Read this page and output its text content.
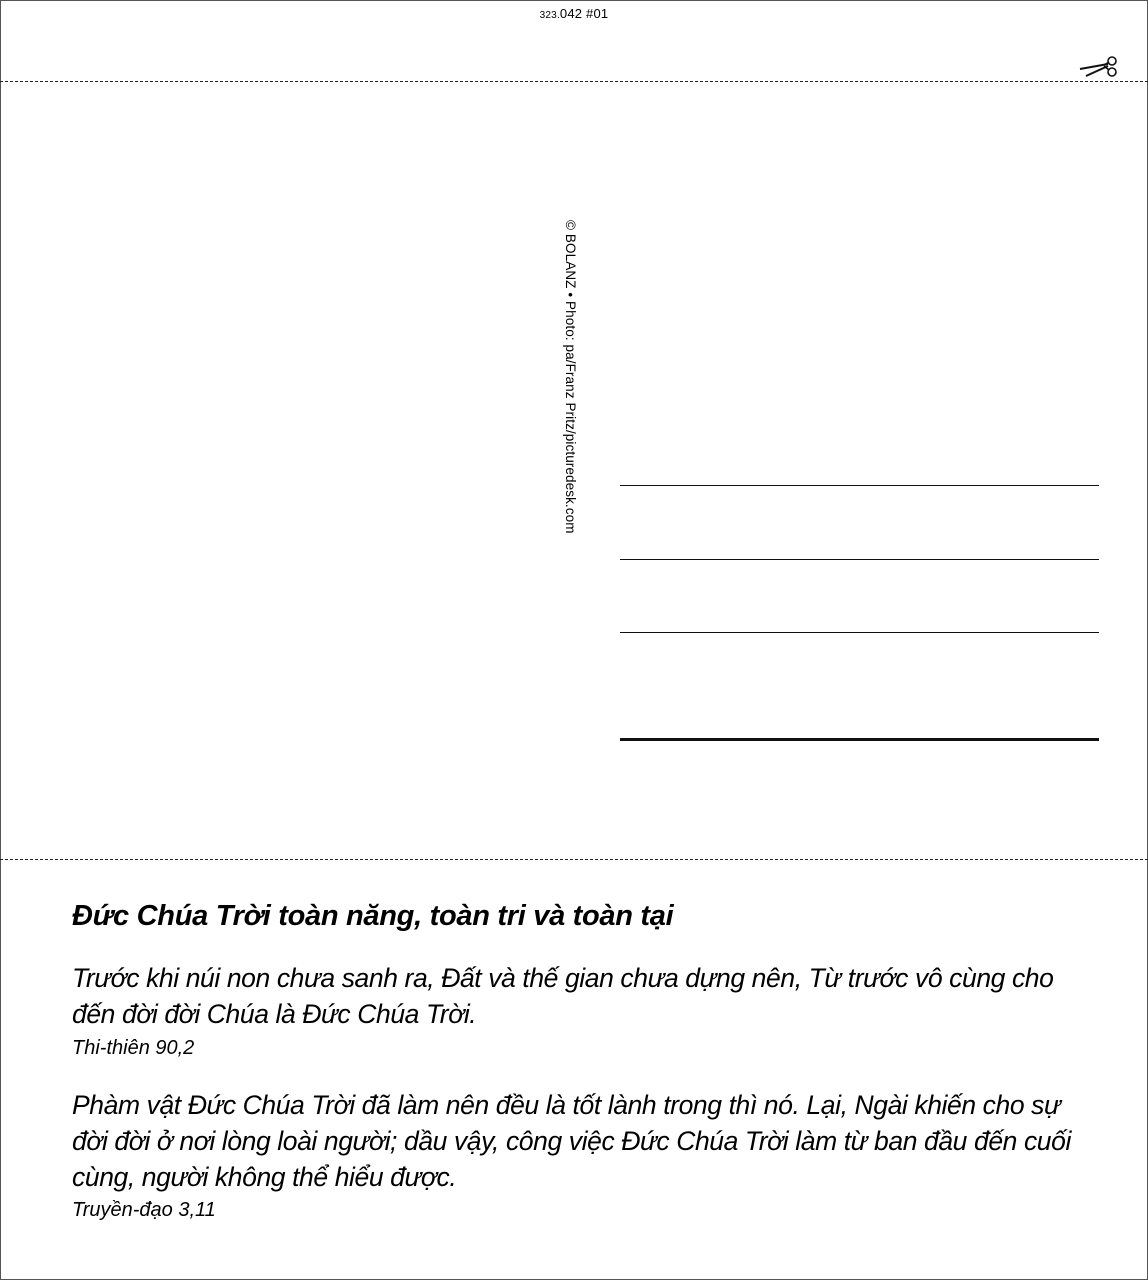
323.042 #01
© BOLANZ • Photo: pa/Franz Pritz/picturedesk.com
Đức Chúa Trời toàn năng, toàn tri và toàn tại
Trước khi núi non chưa sanh ra, Đất và thế gian chưa dựng nên, Từ trước vô cùng cho đến đời đời Chúa là Đức Chúa Trời.
Thi-thiên 90,2
Phàm vật Đức Chúa Trời đã làm nên đều là tốt lành trong thì nó. Lại, Ngài khiến cho sự đời đời ở nơi lòng loài người; dầu vậy, công việc Đức Chúa Trời làm từ ban đầu đến cuối cùng, người không thể hiểu được.
Truyền-đạo 3,11
